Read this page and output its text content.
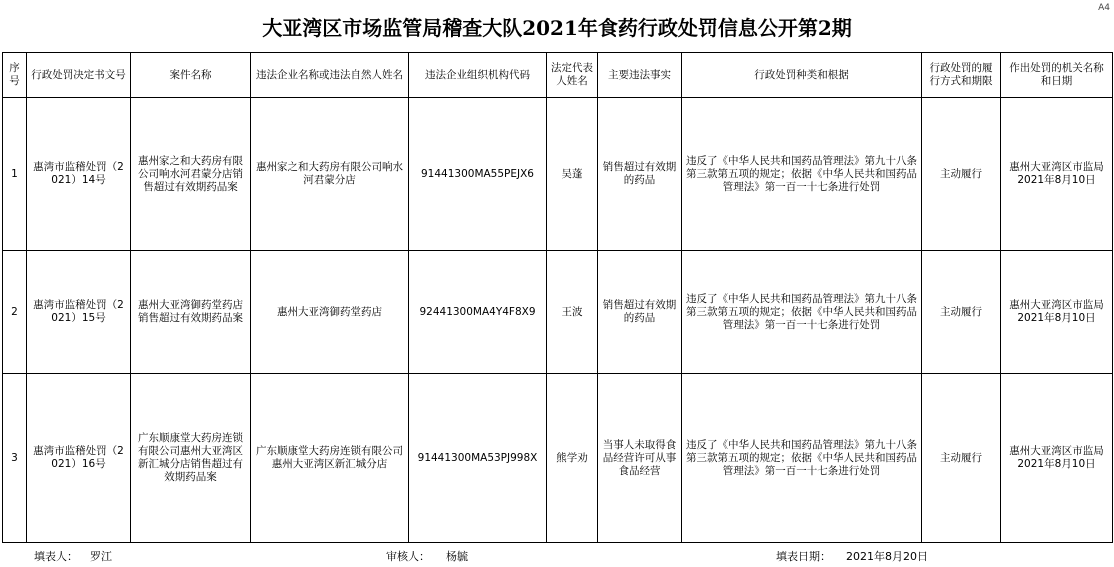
大亚湾区市场监管局稽查大队2021年食药行政处罚信息公开第2期
A4
序号	行政处罚决定书文号	案件名称	违法企业名称或违法自然人姓名	违法企业组织机构代码	法定代表人姓名	主要违法事实	行政处罚种类和根据	行政处罚的履行方式和期限	作出处罚的机关名称和日期
1	惠湾市监稽处罚（2021）14号	惠州家之和大药房有限公司响水河君蒙分店销售超过有效期药品案	惠州家之和大药房有限公司响水河君蒙分店	91441300MA55PEJX6	吴蓬	销售超过有效期的药品	违反了《中华人民共和国药品管理法》第九十八条第三款第五项的规定；依据《中华人民共和国药品管理法》第一百一十七条进行处罚	主动履行	惠州大亚湾区市监局
2021年8月10日

2	惠湾市监稽处罚（2021）15号	惠州大亚湾御药堂药店销售超过有效期药品案	惠州大亚湾御药堂药店	92441300MA4Y4F8X9	王波	销售超过有效期的药品	违反了《中华人民共和国药品管理法》第九十八条第三款第五项的规定；依据《中华人民共和国药品管理法》第一百一十七条进行处罚	主动履行	惠州大亚湾区市监局
2021年8月10日

3	惠湾市监稽处罚（2021）16号	广东顺康堂大药房连锁有限公司惠州大亚湾区新汇城分店销售超过有效期药品案	广东顺康堂大药房连锁有限公司惠州大亚湾区新汇城分店	91441300MA53PJ998X	熊学劝	当事人未取得食品经营许可从事食品经营	违反了《中华人民共和国药品管理法》第九十八条第三款第五项的规定；依据《中华人民共和国药品管理法》第一百一十七条进行处罚	主动履行	惠州大亚湾区市监局
2021年8月10日
填表人： 罗江	审核人： 杨毓	填表日期： 2021年8月20日
